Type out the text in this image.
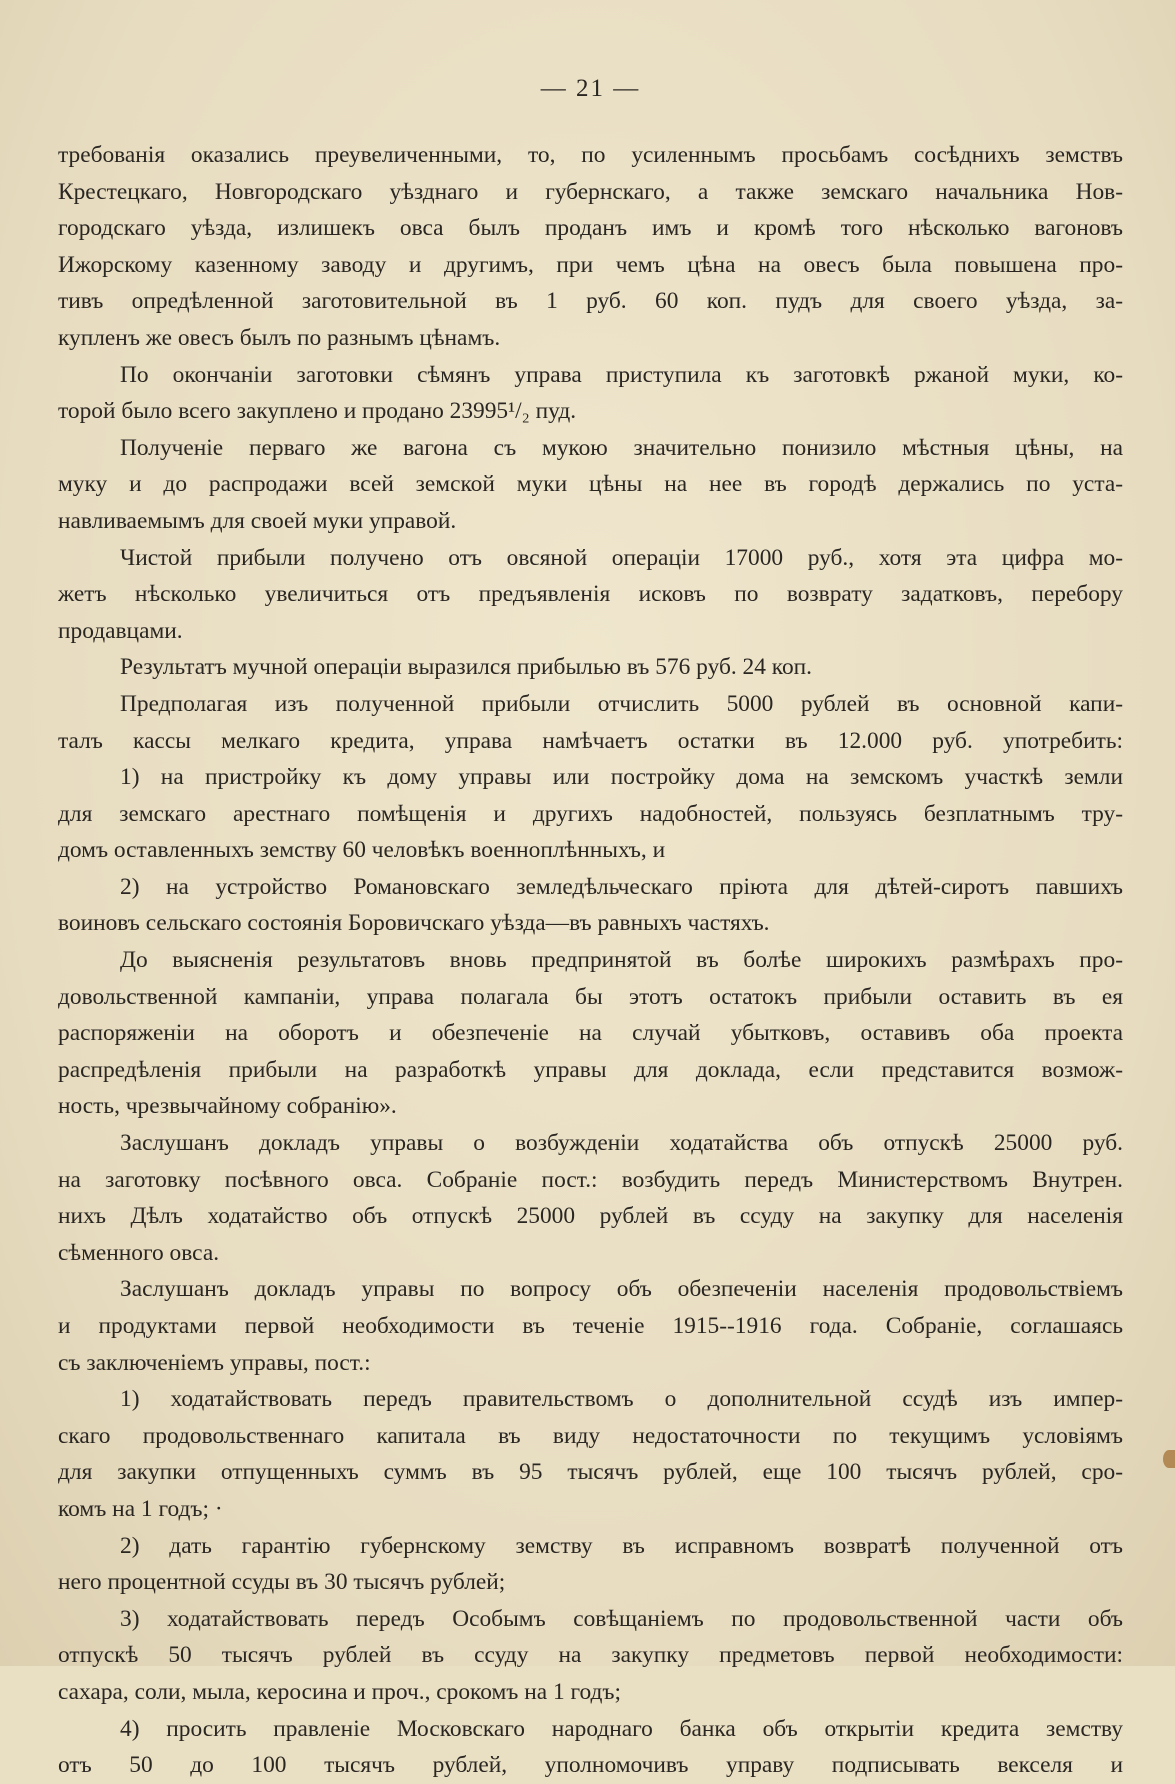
— 21 —
требованія оказались преувеличенными, то, по усиленнымъ просьбамъ сосѣднихъ земствъ
Крестецкаго, Новгородскаго уѣзднаго и губернскаго, а также земскаго начальника Нов-
городскаго уѣзда, излишекъ овса былъ проданъ имъ и кромѣ того нѣсколько вагоновъ
Ижорскому казенному заводу и другимъ, при чемъ цѣна на овесъ была повышена про-
тивъ опредѣленной заготовительной въ 1 руб. 60 коп. пудъ для своего уѣзда, за-
купленъ же овесъ былъ по разнымъ цѣнамъ.
По окончаніи заготовки сѣмянъ управа приступила къ заготовкѣ ржаной муки, ко-
торой было всего закуплено и продано 23995¹/₂ пуд.
Полученіе перваго же вагона съ мукою значительно понизило мѣстныя цѣны, на
муку и до распродажи всей земской муки цѣны на нее въ городѣ держались по уста-
навливаемымъ для своей муки управой.
Чистой прибыли получено отъ овсяной операціи 17000 руб., хотя эта цифра мо-
жетъ нѣсколько увеличиться отъ предъявленія исковъ по возврату задатковъ, перебору
продавцами.
Результатъ мучной операціи выразился прибылью въ 576 руб. 24 коп.
Предполагая изъ полученной прибыли отчислить 5000 рублей въ основной капи-
талъ кассы мелкаго кредита, управа намѣчаетъ остатки въ 12.000 руб. употребить:
1) на пристройку къ дому управы или постройку дома на земскомъ участкѣ земли
для земскаго арестнаго помѣщенія и другихъ надобностей, пользуясь безплатнымъ тру-
домъ оставленныхъ земству 60 человѣкъ военноплѣнныхъ, и
2) на устройство Романовскаго земледѣльческаго пріюта для дѣтей-сиротъ павшихъ
воиновъ сельскаго состоянія Боровичскаго уѣзда—въ равныхъ частяхъ.
До выясненія результатовъ вновь предпринятой въ болѣе широкихъ размѣрахъ про-
довольственной кампаніи, управа полагала бы этотъ остатокъ прибыли оставить въ ея
распоряженіи на оборотъ и обезпеченіе на случай убытковъ, оставивъ оба проекта
распредѣленія прибыли на разработкѣ управы для доклада, если представится возмож-
ность, чрезвычайному собранію».
Заслушанъ докладъ управы о возбужденіи ходатайства объ отпускѣ 25000 руб.
на заготовку посѣвного овса. Собраніе пост.: возбудить передъ Министерствомъ Внутрен.
нихъ Дѣлъ ходатайство объ отпускѣ 25000 рублей въ ссуду на закупку для населенія
сѣменного овса.
Заслушанъ докладъ управы по вопросу объ обезпеченіи населенія продовольствіемъ
и продуктами первой необходимости въ теченіе 1915--1916 года. Собраніе, соглашаясь
съ заключеніемъ управы, пост.:
1) ходатайствовать передъ правительствомъ о дополнительной ссудѣ изъ импер-
скаго продовольственнаго капитала въ виду недостаточности по текущимъ условіямъ
для закупки отпущенныхъ суммъ въ 95 тысячъ рублей, еще 100 тысячъ рублей, сро-
комъ на 1 годъ; ·
2) дать гарантію губернскому земству въ исправномъ возвратѣ полученной отъ
него процентной ссуды въ 30 тысячъ рублей;
3) ходатайствовать передъ Особымъ совѣщаніемъ по продовольственной части объ
отпускѣ 50 тысячъ рублей въ ссуду на закупку предметовъ первой необходимости:
сахара, соли, мыла, керосина и проч., срокомъ на 1 годъ;
4) просить правленіе Московскаго народнаго банка объ открытіи кредита земству
отъ 50 до 100 тысячъ рублей, уполномочивъ управу подписывать векселя и
